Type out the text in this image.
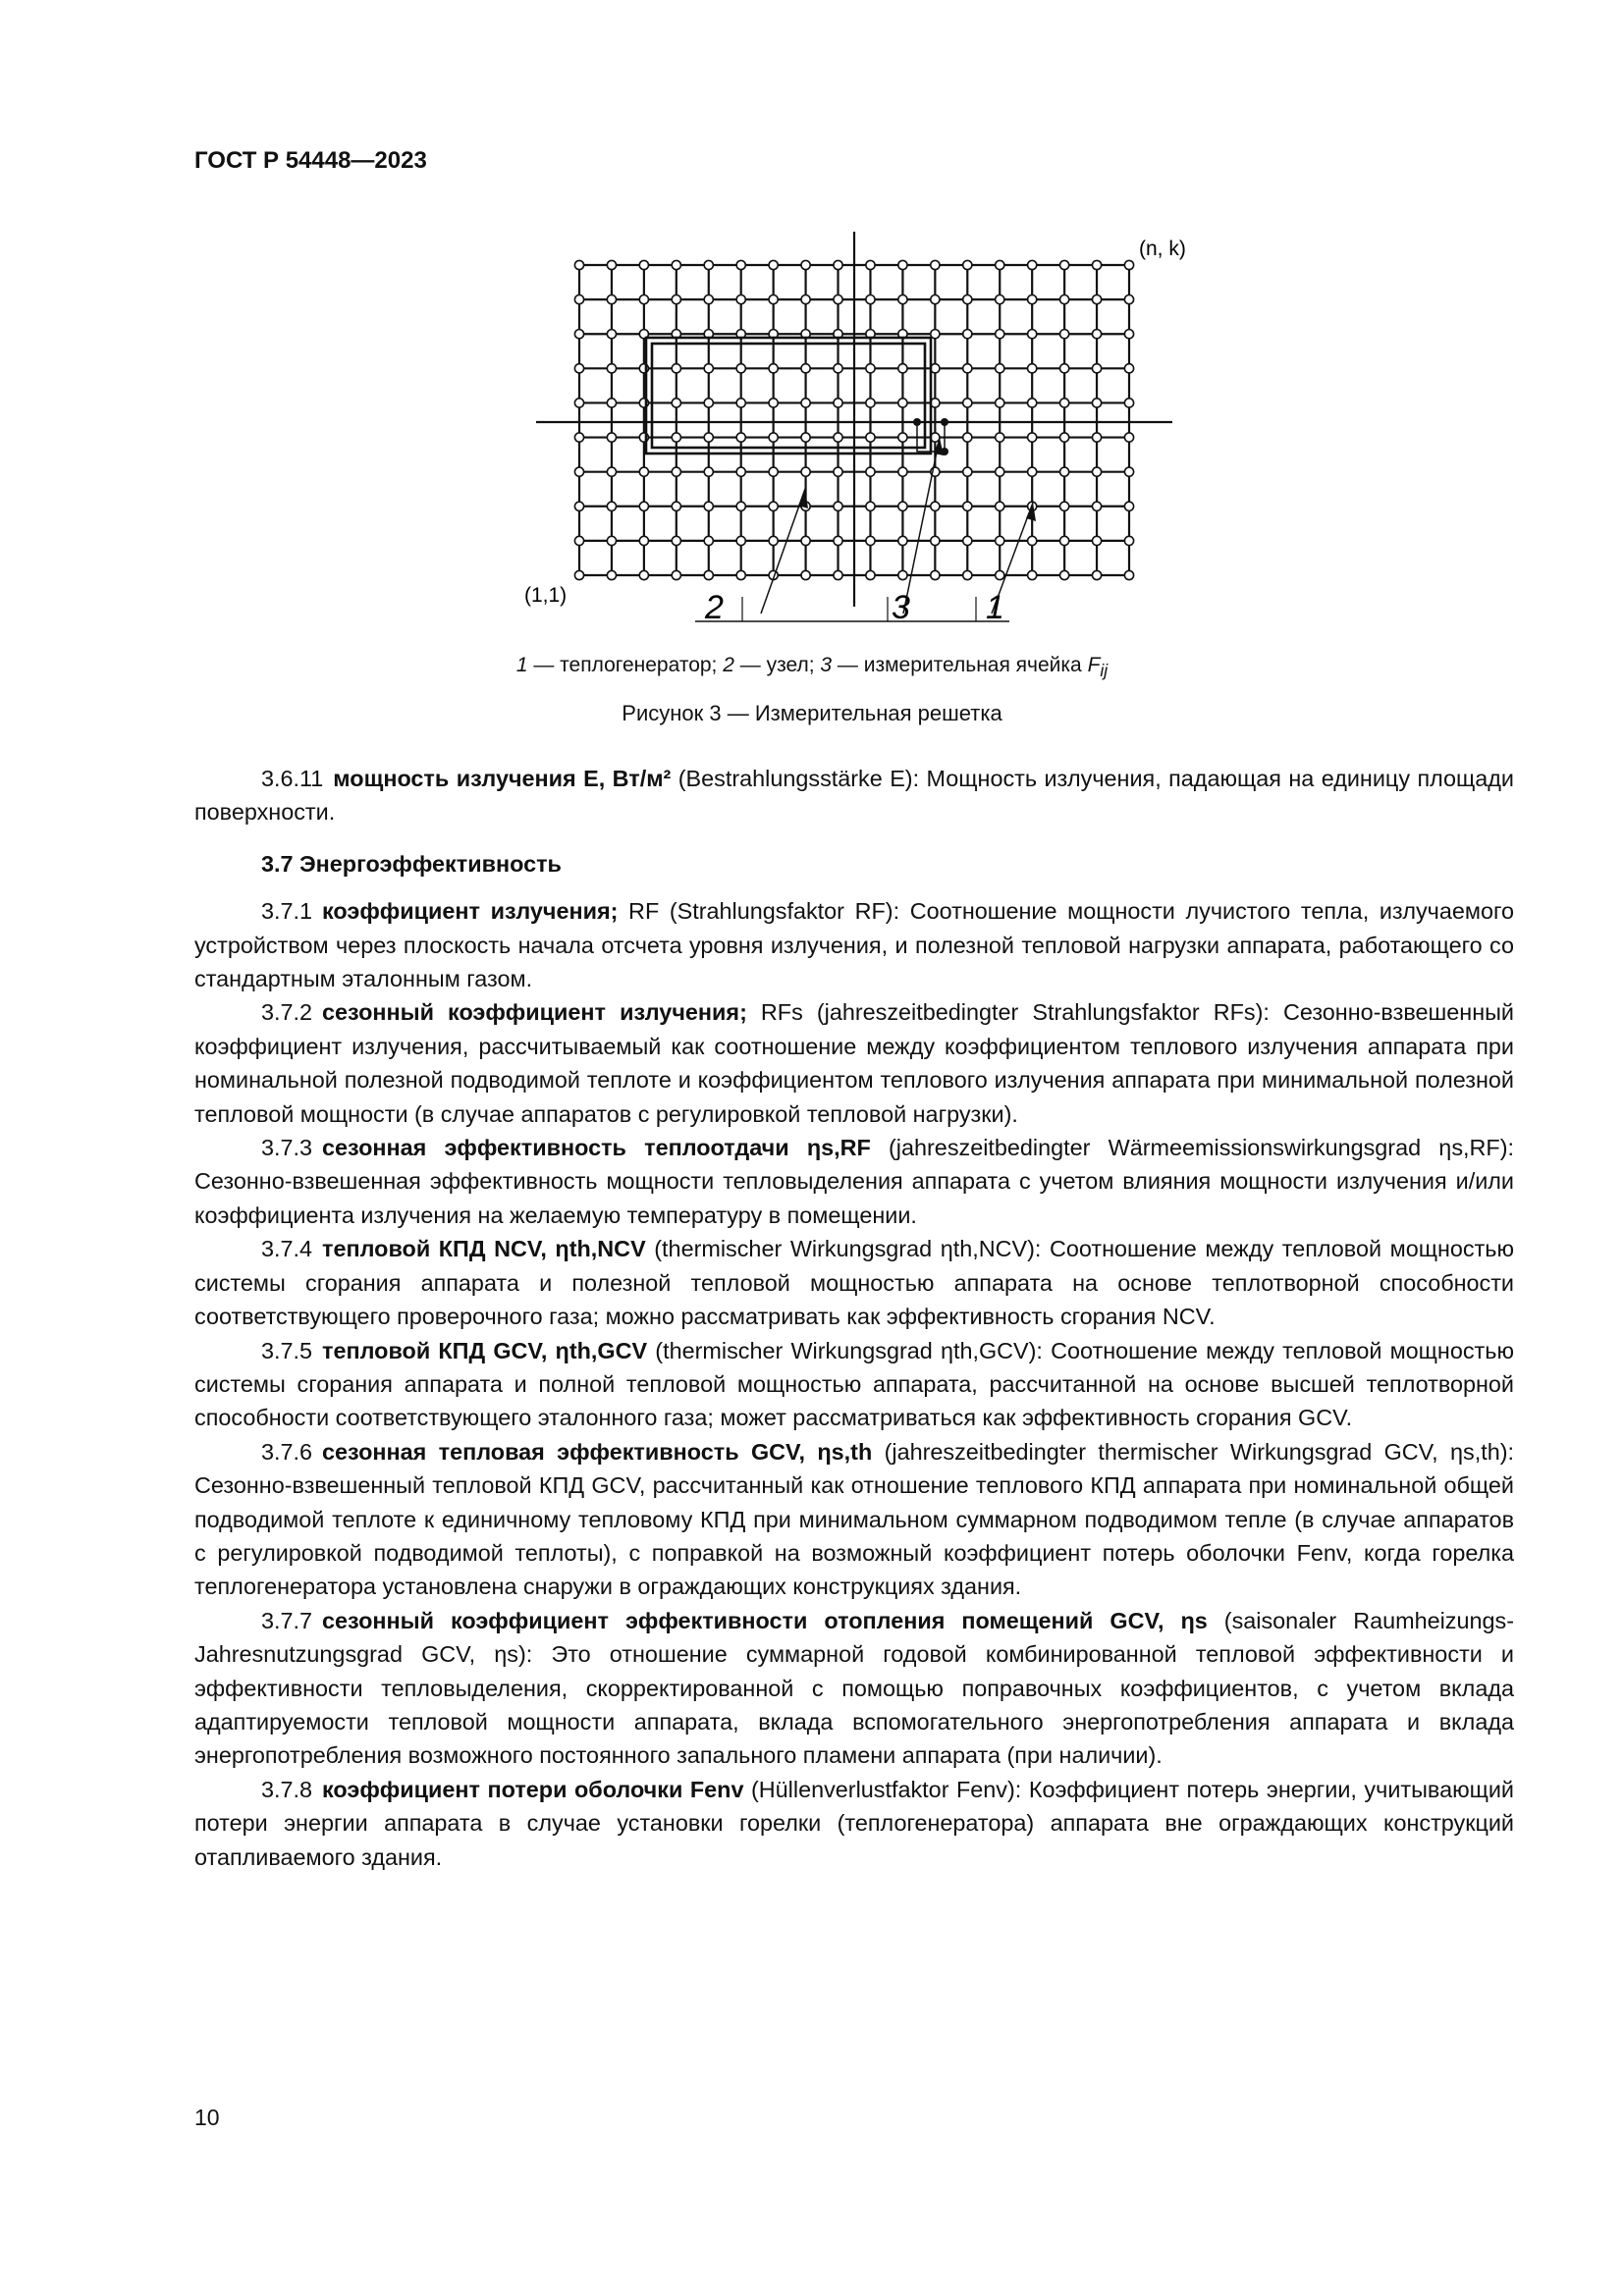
ГОСТ Р 54448—2023
(n, k)
(1,1)	2	3 1
1 — теплогенератор; 2 — узел; 3 — измерительная ячейка $F_{ij}$
Рисунок 3 — Измерительная решетка

3.6.11 мощность излучения E, Вт/м² (Bestrahlungsstärke E): Мощность излучения, падающая на единицу площади поверхности.

3.7 Энергоэффективность

3.7.1 коэффициент излучения; RF (Strahlungsfaktor RF): Соотношение мощности лучистого тепла, излучаемого устройством через плоскость начала отсчета уровня излучения, и полезной тепловой нагрузки аппарата, работающего со стандартным эталонным газом.

3.7.2 сезонный коэффициент излучения; RFs (jahreszeitbedingter Strahlungsfaktor RFs): Сезонно-взвешенный коэффициент излучения, рассчитываемый как соотношение между коэффициентом теплового излучения аппарата при номинальной полезной подводимой теплоте и коэффициентом теплового излучения аппарата при минимальной полезной тепловой мощности (в случае аппаратов с регулировкой тепловой нагрузки).

3.7.3 сезонная эффективность теплоотдачи ηs,RF (jahreszeitbedingter Wärmeemissionswirkungsgrad ηs,RF): Сезонно-взвешенная эффективность мощности тепловыделения аппарата с учетом влияния мощности излучения и/или коэффициента излучения на желаемую температуру в помещении.

3.7.4 тепловой КПД NCV, ηth,NCV (thermischer Wirkungsgrad ηth,NCV): Соотношение между тепловой мощностью системы сгорания аппарата и полезной тепловой мощностью аппарата на основе теплотворной способности соответствующего проверочного газа; можно рассматривать как эффективность сгорания NCV.

3.7.5 тепловой КПД GCV, ηth,GCV (thermischer Wirkungsgrad ηth,GCV): Соотношение между тепловой мощностью системы сгорания аппарата и полной тепловой мощностью аппарата, рассчитанной на основе высшей теплотворной способности соответствующего эталонного газа; может рассматриваться как эффективность сгорания GCV.

3.7.6 сезонная тепловая эффективность GCV, ηs,th (jahreszeitbedingter thermischer Wirkungsgrad GCV, ηs,th): Сезонно-взвешенный тепловой КПД GCV, рассчитанный как отношение теплового КПД аппарата при номинальной общей подводимой теплоте к единичному тепловому КПД при минимальном суммарном подводимом тепле (в случае аппаратов с регулировкой подводимой теплоты), с поправкой на возможный коэффициент потерь оболочки Fenv, когда горелка теплогенератора установлена снаружи в ограждающих конструкциях здания.

3.7.7 сезонный коэффициент эффективности отопления помещений GCV, ηs (saisonaler Raumheizungs-Jahresnutzungsgrad GCV, ηs): Это отношение суммарной годовой комбинированной тепловой эффективности и эффективности тепловыделения, скорректированной с помощью поправочных коэффициентов, с учетом вклада адаптируемости тепловой мощности аппарата, вклада вспомогательного энергопотребления аппарата и вклада энергопотребления возможного постоянного запального пламени аппарата (при наличии).

3.7.8 коэффициент потери оболочки Fenv (Hüllenverlustfaktor Fenv): Коэффициент потерь энергии, учитывающий потери энергии аппарата в случае установки горелки (теплогенератора) аппарата вне ограждающих конструкций отапливаемого здания.

10
